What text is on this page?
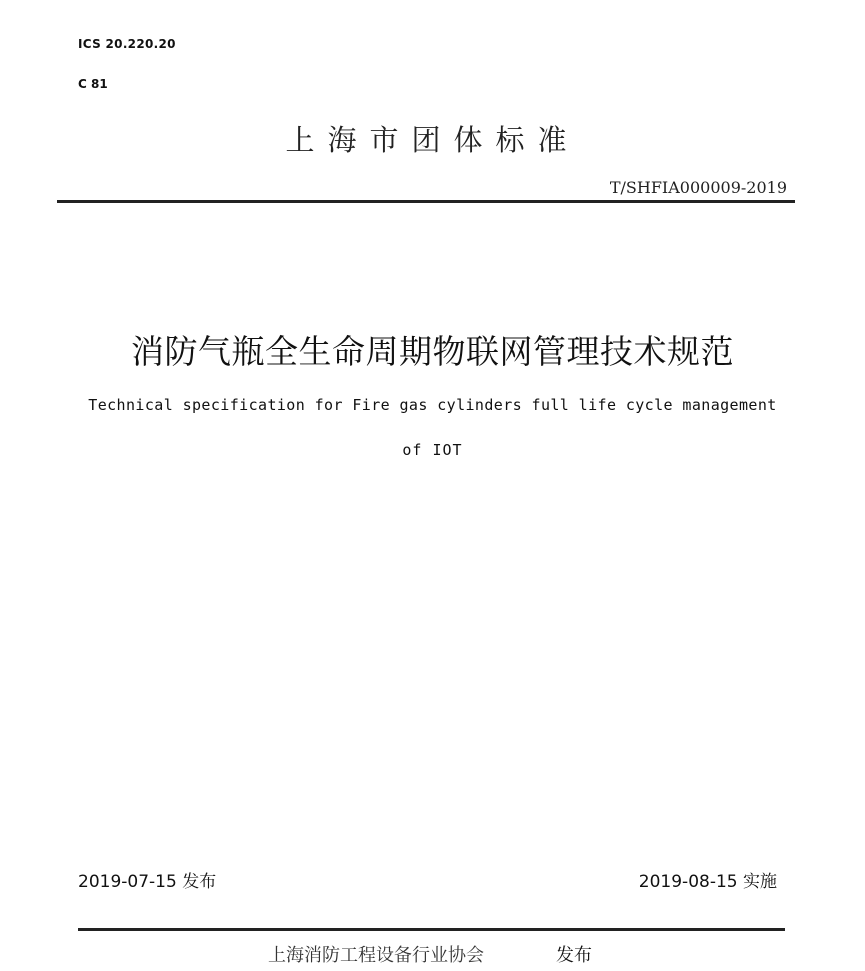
ICS 20.220.20
C 81
上海市团体标准
T/SHFIA000009-2019
消防气瓶全生命周期物联网管理技术规范
Technical specification for Fire gas cylinders full life cycle management
of IOT
2019-07-15 发布	2019-08-15 实施
上海消防工程设备行业协会	发布
